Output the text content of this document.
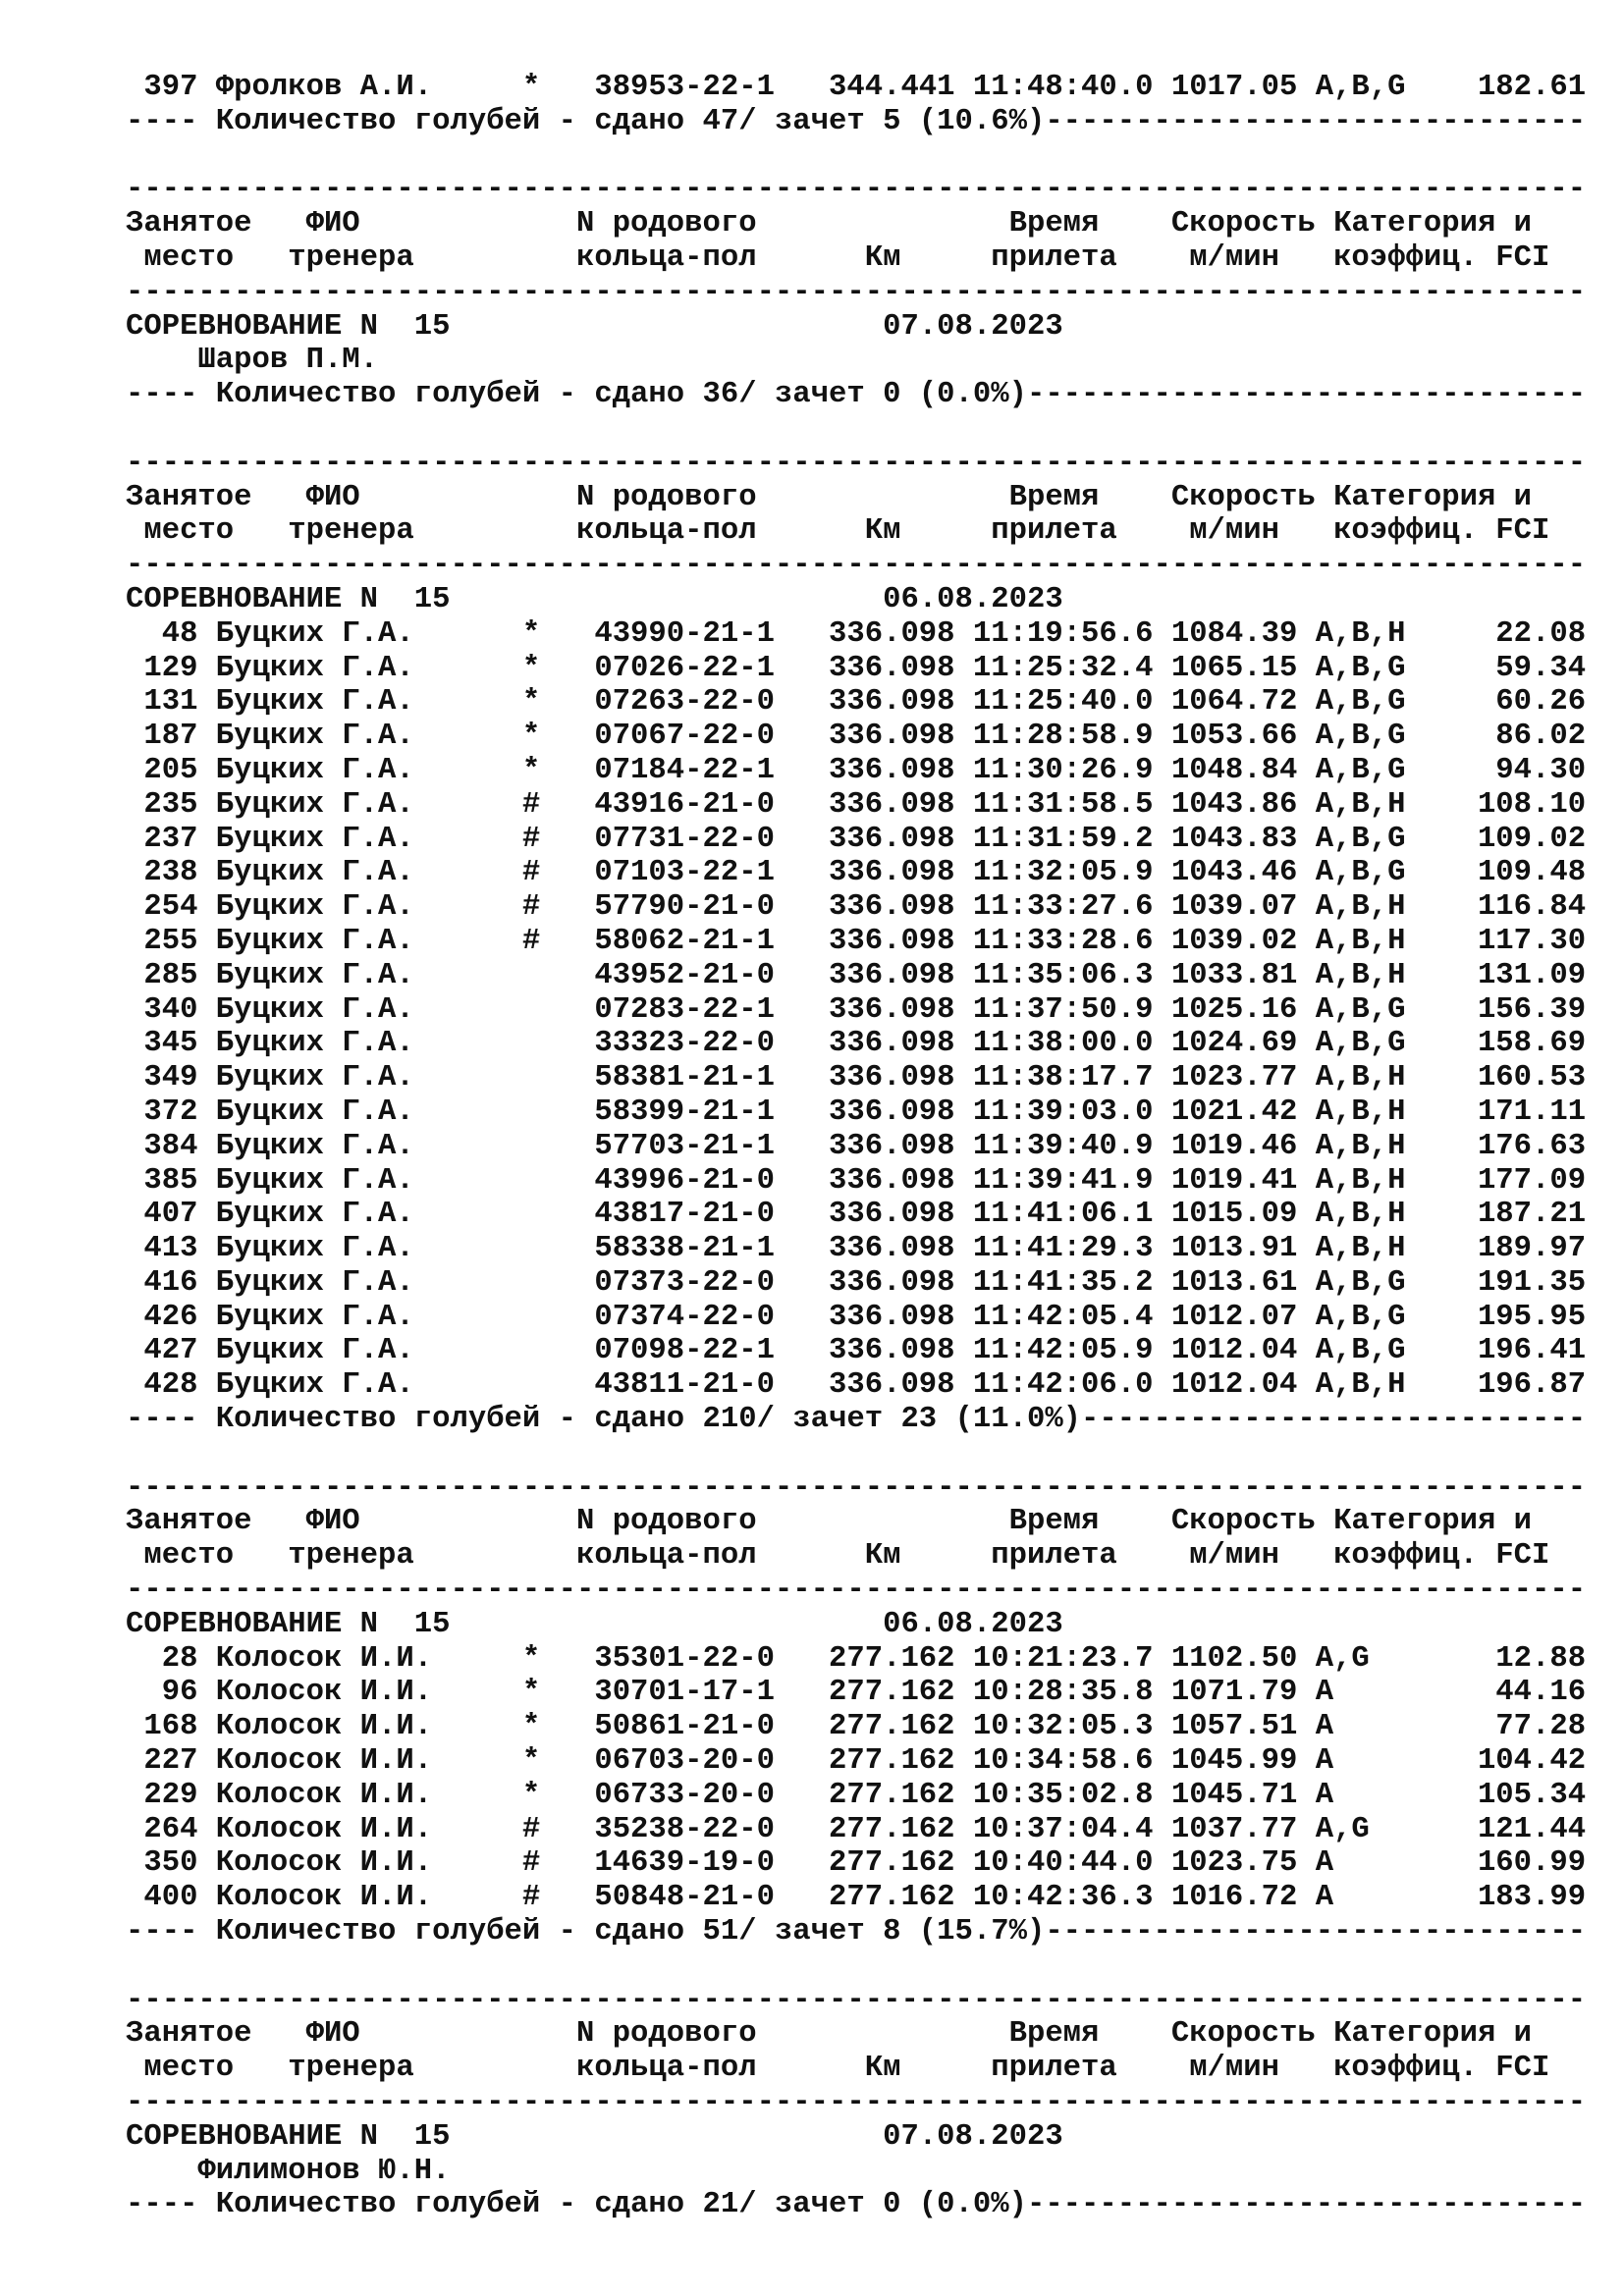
397 Фролков А.И.     *   38953-22-1   344.441 11:48:40.0 1017.05 A,B,G    182.61
---- Количество голубей - сдано 47/ зачет 5 (10.6%)------------------------------
---------------------------------------------------------------------------------
Занятое   ФИО            N родового              Время    Скорость Категория и
место   тренера         кольца-пол      Км     прилета    м/мин   коэффиц. FCI
---------------------------------------------------------------------------------
СОРЕВНОВАНИЕ N  15                        07.08.2023
Шаров П.М.
---- Количество голубей - сдано 36/ зачет 0 (0.0%)-------------------------------
---------------------------------------------------------------------------------
Занятое   ФИО            N родового              Время    Скорость Категория и
место   тренера         кольца-пол      Км     прилета    м/мин   коэффиц. FCI
---------------------------------------------------------------------------------
СОРЕВНОВАНИЕ N  15                        06.08.2023
48 Буцких Г.А.      *   43990-21-1   336.098 11:19:56.6 1084.39 A,B,H     22.08
129 Буцких Г.А.      *   07026-22-1   336.098 11:25:32.4 1065.15 A,B,G     59.34
131 Буцких Г.А.      *   07263-22-0   336.098 11:25:40.0 1064.72 A,B,G     60.26
187 Буцких Г.А.      *   07067-22-0   336.098 11:28:58.9 1053.66 A,B,G     86.02
205 Буцких Г.А.      *   07184-22-1   336.098 11:30:26.9 1048.84 A,B,G     94.30
235 Буцких Г.А.      #   43916-21-0   336.098 11:31:58.5 1043.86 A,B,H    108.10
237 Буцких Г.А.      #   07731-22-0   336.098 11:31:59.2 1043.83 A,B,G    109.02
238 Буцких Г.А.      #   07103-22-1   336.098 11:32:05.9 1043.46 A,B,G    109.48
254 Буцких Г.А.      #   57790-21-0   336.098 11:33:27.6 1039.07 A,B,H    116.84
255 Буцких Г.А.      #   58062-21-1   336.098 11:33:28.6 1039.02 A,B,H    117.30
285 Буцких Г.А.          43952-21-0   336.098 11:35:06.3 1033.81 A,B,H    131.09
340 Буцких Г.А.          07283-22-1   336.098 11:37:50.9 1025.16 A,B,G    156.39
345 Буцких Г.А.          33323-22-0   336.098 11:38:00.0 1024.69 A,B,G    158.69
349 Буцких Г.А.          58381-21-1   336.098 11:38:17.7 1023.77 A,B,H    160.53
372 Буцких Г.А.          58399-21-1   336.098 11:39:03.0 1021.42 A,B,H    171.11
384 Буцких Г.А.          57703-21-1   336.098 11:39:40.9 1019.46 A,B,H    176.63
385 Буцких Г.А.          43996-21-0   336.098 11:39:41.9 1019.41 A,B,H    177.09
407 Буцких Г.А.          43817-21-0   336.098 11:41:06.1 1015.09 A,B,H    187.21
413 Буцких Г.А.          58338-21-1   336.098 11:41:29.3 1013.91 A,B,H    189.97
416 Буцких Г.А.          07373-22-0   336.098 11:41:35.2 1013.61 A,B,G    191.35
426 Буцких Г.А.          07374-22-0   336.098 11:42:05.4 1012.07 A,B,G    195.95
427 Буцких Г.А.          07098-22-1   336.098 11:42:05.9 1012.04 A,B,G    196.41
428 Буцких Г.А.          43811-21-0   336.098 11:42:06.0 1012.04 A,B,H    196.87
---- Количество голубей - сдано 210/ зачет 23 (11.0%)----------------------------
---------------------------------------------------------------------------------
Занятое   ФИО            N родового              Время    Скорость Категория и
место   тренера         кольца-пол      Км     прилета    м/мин   коэффиц. FCI
---------------------------------------------------------------------------------
СОРЕВНОВАНИЕ N  15                        06.08.2023
28 Колосок И.И.     *   35301-22-0   277.162 10:21:23.7 1102.50 A,G       12.88
96 Колосок И.И.     *   30701-17-1   277.162 10:28:35.8 1071.79 A         44.16
168 Колосок И.И.     *   50861-21-0   277.162 10:32:05.3 1057.51 A         77.28
227 Колосок И.И.     *   06703-20-0   277.162 10:34:58.6 1045.99 A        104.42
229 Колосок И.И.     *   06733-20-0   277.162 10:35:02.8 1045.71 A        105.34
264 Колосок И.И.     #   35238-22-0   277.162 10:37:04.4 1037.77 A,G      121.44
350 Колосок И.И.     #   14639-19-0   277.162 10:40:44.0 1023.75 A        160.99
400 Колосок И.И.     #   50848-21-0   277.162 10:42:36.3 1016.72 A        183.99
---- Количество голубей - сдано 51/ зачет 8 (15.7%)------------------------------
---------------------------------------------------------------------------------
Занятое   ФИО            N родового              Время    Скорость Категория и
место   тренера         кольца-пол      Км     прилета    м/мин   коэффиц. FCI
---------------------------------------------------------------------------------
СОРЕВНОВАНИЕ N  15                        07.08.2023
Филимонов Ю.Н.
---- Количество голубей - сдано 21/ зачет 0 (0.0%)-------------------------------
